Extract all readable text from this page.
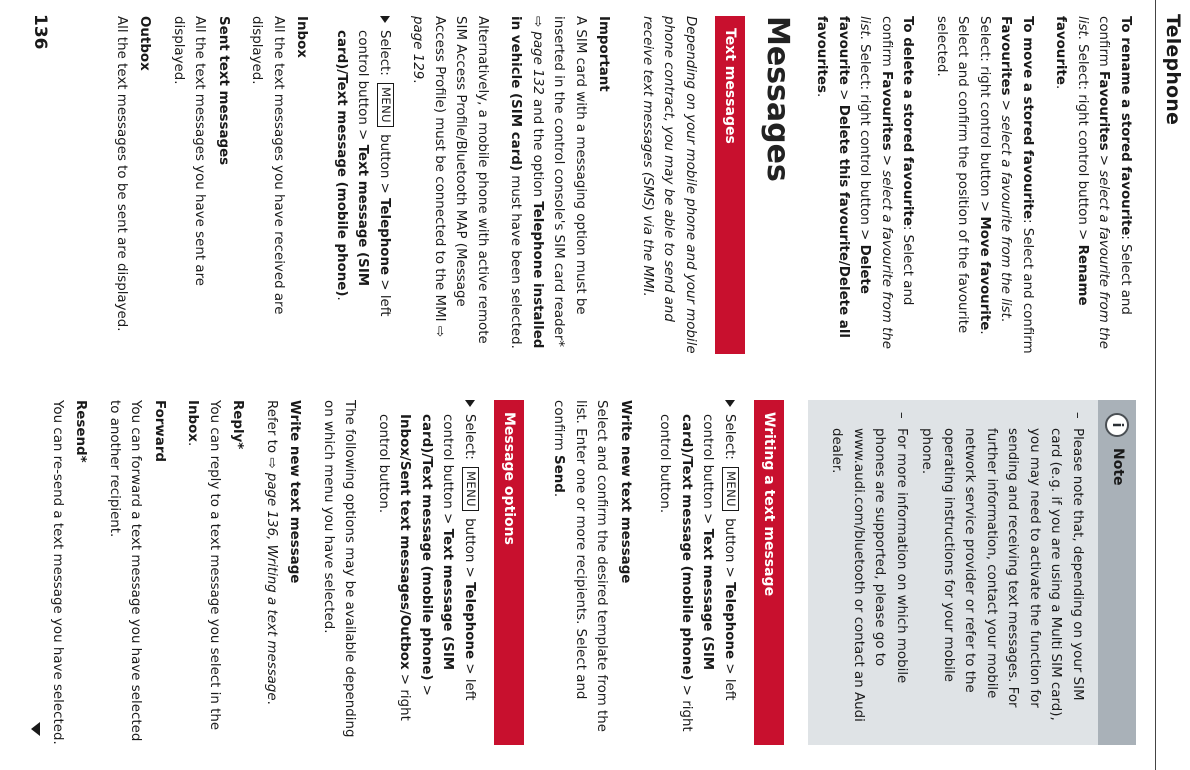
Telephone

To rename a stored favourite: Select and confirm Favourites > select a favourite from the list. Select: right control button > Rename favourite.

To move a stored favourite: Select and confirm Favourites > select a favourite from the list. Select: right control button > Move favourite. Select and confirm the position of the favourite selected.

To delete a stored favourite: Select and confirm Favourites > select a favourite from the list. Select: right control button > Delete favourite > Delete this favourite/Delete all favourites.

Messages
Text messages

Depending on your mobile phone and your mobile phone contract, you may be able to send and receive text messages (SMS) via the MMI.

Important

A SIM card with a messaging option must be inserted in the control console's SIM card reader* ⇨ page 132 and the option Telephone installed in vehicle (SIM card) must have been selected.

Alternatively, a mobile phone with active remote SIM Access Profile/Bluetooth MAP (Message Access Profile) must be connected to the MMI ⇨ page 129.

Select: MENU button > Telephone > left control button > Text message (SIM card)/Text message (mobile phone).
Inbox

All the text messages you have received are displayed.

Sent text messages

All the text messages you have sent are displayed.

Outbox

All the text messages to be sent are displayed.

i
Note
–
Please note that, depending on your SIM card (e.g. if you are using a Multi SIM card), you may need to activate the function for sending and receiving text messages. For further information, contact your mobile network service provider or refer to the operating instructions for your mobile phone.
–
For more information on which mobile phones are supported, please go to www.audi.com/bluetooth or contact an Audi dealer.
Writing a text message
Select: MENU button > Telephone > left control button > Text message (SIM card)/Text message (mobile phone) > right control button.
Write new text message

Select and confirm the desired template from the list. Enter one or more recipients. Select and confirm Send.

Message options
Select: MENU button > Telephone > left control button > Text message (SIM card)/Text message (mobile phone) > Inbox/Sent text messages/Outbox > right control button.

The following options may be available depending on which menu you have selected.

Write new text message

Refer to ⇨ page 136, Writing a text message.

Reply*

You can reply to a text message you select in the Inbox.

Forward

You can forward a text message you have selected to another recipient.

Resend*

You can re-send a text message you have selected.

136
